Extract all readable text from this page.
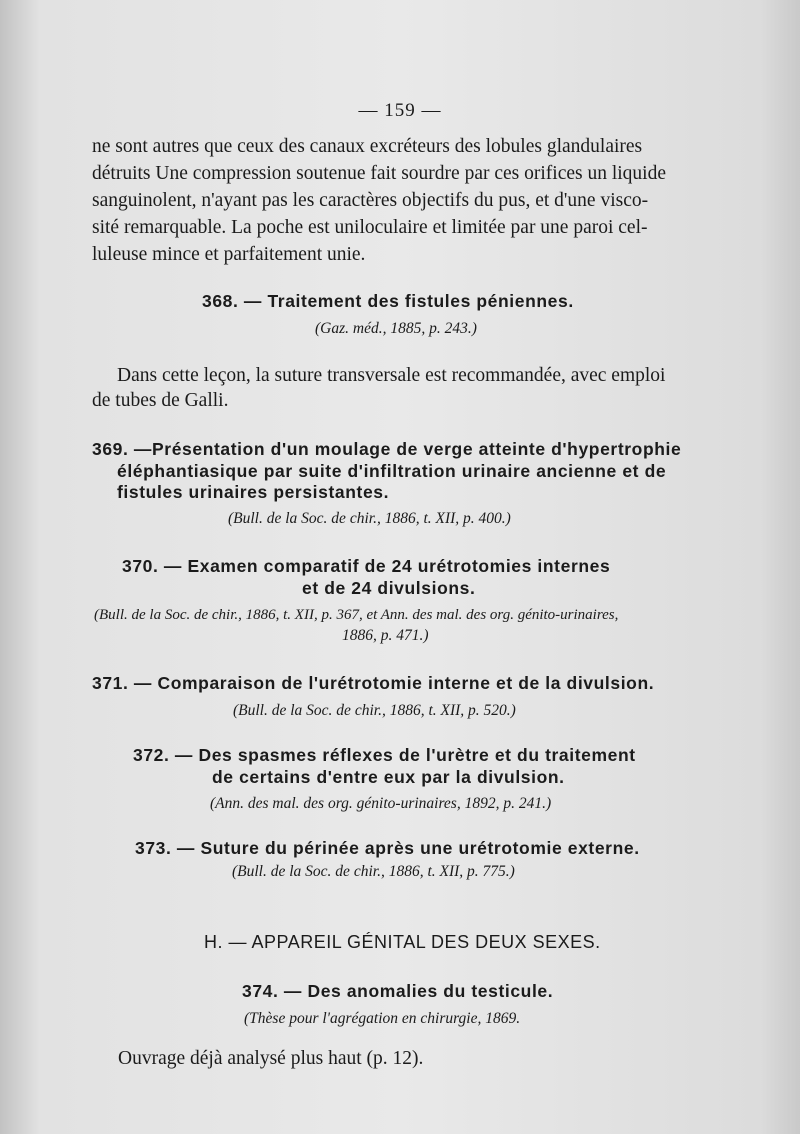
— 159 —
ne sont autres que ceux des canaux excréteurs des lobules glandulaires
détruits Une compression soutenue fait sourdre par ces orifices un liquide
sanguinolent, n'ayant pas les caractères objectifs du pus, et d'une visco-
sité remarquable. La poche est uniloculaire et limitée par une paroi cel-
luleuse mince et parfaitement unie.
368. — Traitement des fistules péniennes.
(Gaz. méd., 1885, p. 243.)
Dans cette leçon, la suture transversale est recommandée, avec emploi
de tubes de Galli.
369. —Présentation d'un moulage de verge atteinte d'hypertrophie
éléphantiasique par suite d'infiltration urinaire ancienne et de
fistules urinaires persistantes.
(Bull. de la Soc. de chir., 1886, t. XII, p. 400.)
370. — Examen comparatif de 24 urétrotomies internes
et de 24 divulsions.
(Bull. de la Soc. de chir., 1886, t. XII, p. 367, et Ann. des mal. des org. génito-urinaires,
1886, p. 471.)
371. — Comparaison de l'urétrotomie interne et de la divulsion.
(Bull. de la Soc. de chir., 1886, t. XII, p. 520.)
372. — Des spasmes réflexes de l'urètre et du traitement
de certains d'entre eux par la divulsion.
(Ann. des mal. des org. génito-urinaires, 1892, p. 241.)
373. — Suture du périnée après une urétrotomie externe.
(Bull. de la Soc. de chir., 1886, t. XII, p. 775.)
H. — APPAREIL GÉNITAL DES DEUX SEXES.
374. — Des anomalies du testicule.
(Thèse pour l'agrégation en chirurgie, 1869.
Ouvrage déjà analysé plus haut (p. 12).
